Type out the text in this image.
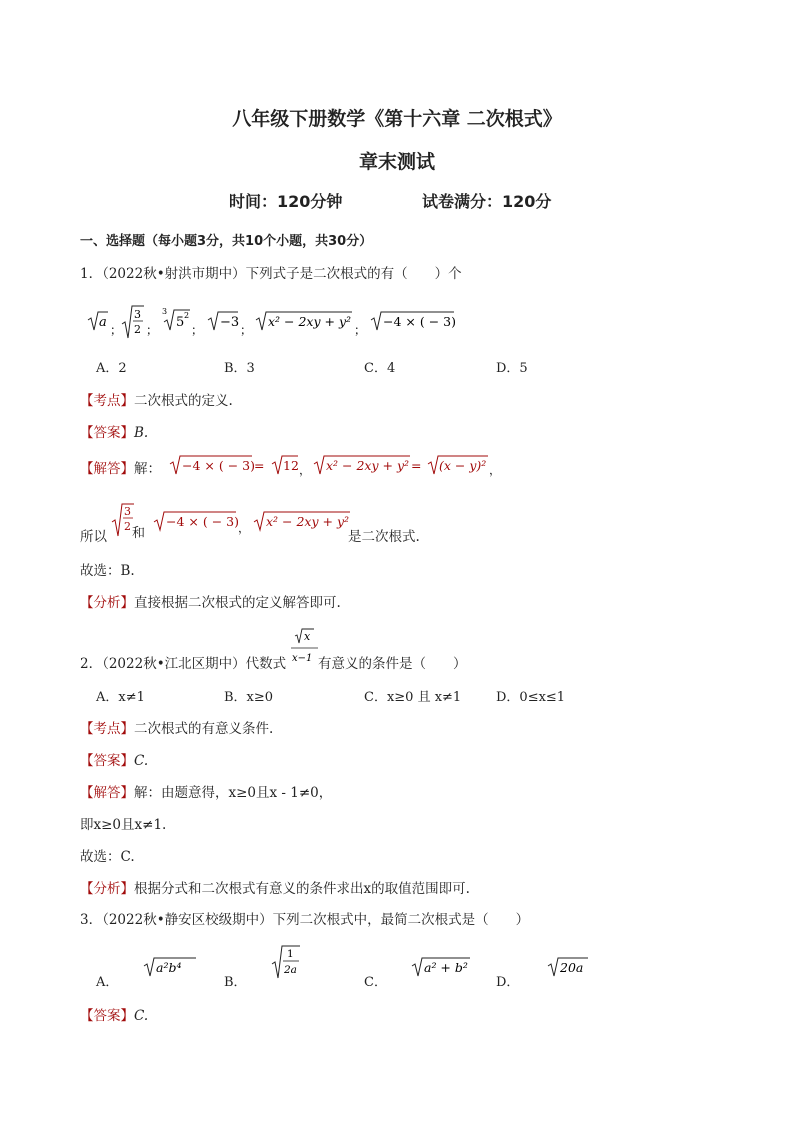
八年级下册数学《第十六章 二次根式》
章末测试
时间：120分钟	试卷满分：120分
一、选择题（每小题3分，共10个小题，共30分）
1．（2022秋•射洪市期中）下列式子是二次根式的有（　　）个
a ；
3
2 ；
3
5 2
； −3 ；
x² − 2xy + y²
；
−4 × ( − 3)
A．2	B．3	C．4	D．5
【考点】二次根式的定义.
【答案】B.
【解答】解： −4 × ( − 3) = 12 ， x² − 2xy + y² = (x − y)² ，
所以
3
2 和
−4 × ( − 3) ， x² − 2xy + y²
是二次根式.
故选：B.
【分析】直接根据二次根式的定义解答即可.
2．（2022秋•江北区期中）代数式
x
x−1 有意义的条件是（　　）
A．x≠1	B．x≥0	C．x≥0 且 x≠1	D．0≤x≤1
【考点】二次根式的有意义条件.
【答案】C.
【解答】解：由题意得，x≥0且x - 1≠0，
即x≥0且x≠1.
故选：C.
【分析】根据分式和二次根式有意义的条件求出x的取值范围即可.
3．（2022秋•静安区校级期中）下列二次根式中，最简二次根式是（　　）
A．	B．	C．	D．
a²b⁴
1
2a	a² + b²	20a
【答案】C.
